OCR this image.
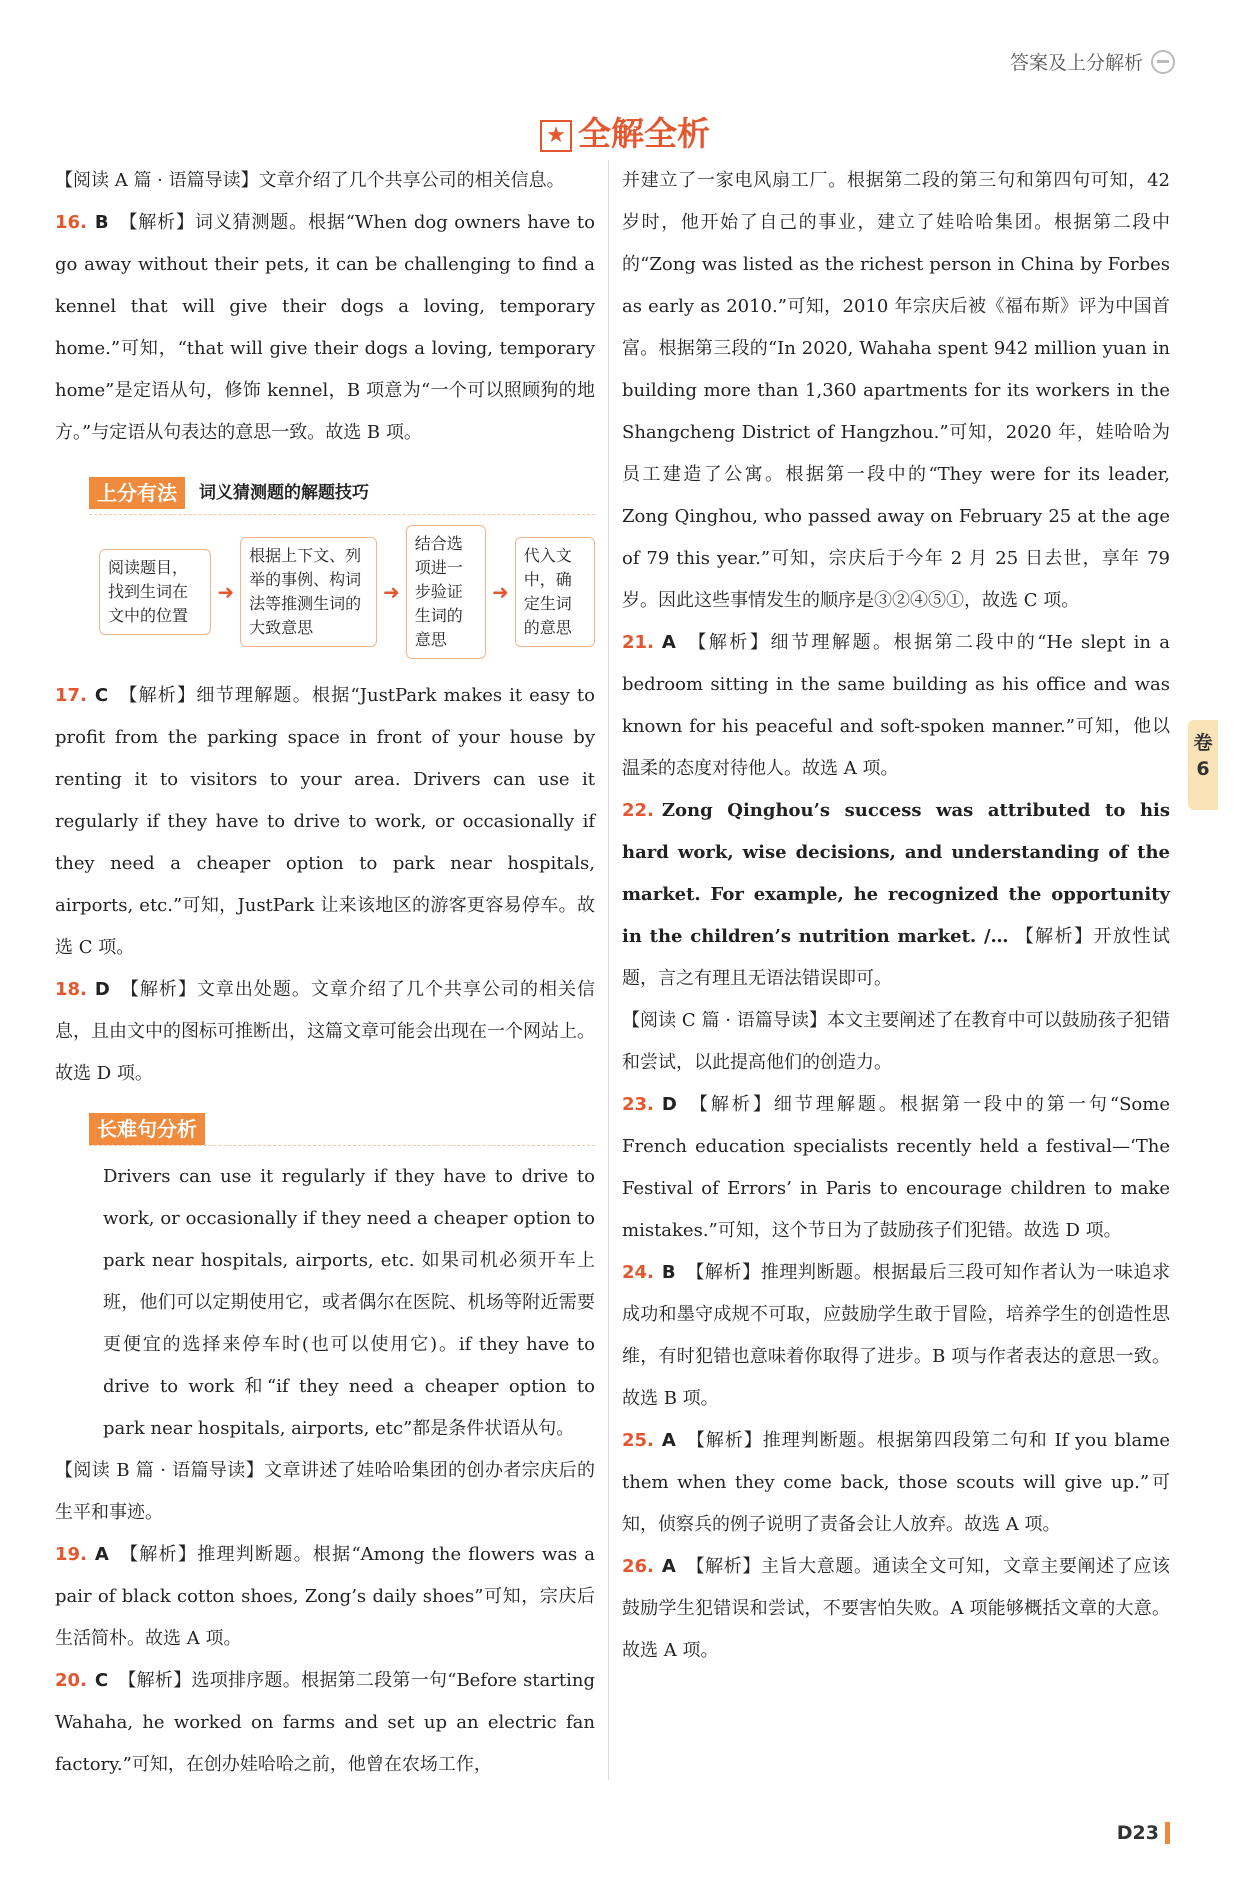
答案及上分解析
★ 全解全析

【阅读 A 篇 · 语篇导读】文章介绍了几个共享公司的相关信息。

16. B 【解析】词义猜测题。根据“When dog owners have to go away without their pets, it can be challenging to find a kennel that will give their dogs a loving, temporary home.”可知，“that will give their dogs a loving, temporary home”是定语从句，修饰 kennel，B 项意为“一个可以照顾狗的地方。”与定语从句表达的意思一致。故选 B 项。

上分有法	词义猜测题的解题技巧
阅读题目，找到生词在文中的位置
➜
根据上下文、列举的事例、构词法等推测生词的大致意思
➜
结合选项进一步验证生词的意思
➜
代入文中，确定生词的意思

17. C 【解析】细节理解题。根据“JustPark makes it easy to profit from the parking space in front of your house by renting it to visitors to your area. Drivers can use it regularly if they have to drive to work, or occasionally if they need a cheaper option to park near hospitals, airports, etc.”可知，JustPark 让来该地区的游客更容易停车。故选 C 项。

18. D 【解析】文章出处题。文章介绍了几个共享公司的相关信息，且由文中的图标可推断出，这篇文章可能会出现在一个网站上。故选 D 项。

长难句分析

Drivers can use it regularly if they have to drive to work, or occasionally if they need a cheaper option to park near hospitals, airports, etc. 如果司机必须开车上班，他们可以定期使用它，或者偶尔在医院、机场等附近需要更便宜的选择来停车时(也可以使用它)。if they have to drive to work 和“if they need a cheaper option to park near hospitals, airports, etc”都是条件状语从句。

【阅读 B 篇 · 语篇导读】文章讲述了娃哈哈集团的创办者宗庆后的生平和事迹。

19. A 【解析】推理判断题。根据“Among the flowers was a pair of black cotton shoes, Zong’s daily shoes”可知，宗庆后生活简朴。故选 A 项。

20. C 【解析】选项排序题。根据第二段第一句“Before starting Wahaha, he worked on farms and set up an electric fan factory.”可知，在创办娃哈哈之前，他曾在农场工作，

并建立了一家电风扇工厂。根据第二段的第三句和第四句可知，42 岁时，他开始了自己的事业，建立了娃哈哈集团。根据第二段中的“Zong was listed as the richest person in China by Forbes as early as 2010.”可知，2010 年宗庆后被《福布斯》评为中国首富。根据第三段的“In 2020, Wahaha spent 942 million yuan in building more than 1,360 apartments for its workers in the Shangcheng District of Hangzhou.”可知，2020 年，娃哈哈为员工建造了公寓。根据第一段中的“They were for its leader, Zong Qinghou, who passed away on February 25 at the age of 79 this year.”可知，宗庆后于今年 2 月 25 日去世，享年 79 岁。因此这些事情发生的顺序是③②④⑤①，故选 C 项。

21. A 【解析】细节理解题。根据第二段中的“He slept in a bedroom sitting in the same building as his office and was known for his peaceful and soft-spoken manner.”可知，他以温柔的态度对待他人。故选 A 项。

22. Zong Qinghou’s success was attributed to his hard work, wise decisions, and understanding of the market. For example, he recognized the opportunity in the children’s nutrition market. /… 【解析】开放性试题，言之有理且无语法错误即可。

【阅读 C 篇 · 语篇导读】本文主要阐述了在教育中可以鼓励孩子犯错和尝试，以此提高他们的创造力。

23. D 【解析】细节理解题。根据第一段中的第一句“Some French education specialists recently held a festival—‘The Festival of Errors’ in Paris to encourage children to make mistakes.”可知，这个节日为了鼓励孩子们犯错。故选 D 项。

24. B 【解析】推理判断题。根据最后三段可知作者认为一味追求成功和墨守成规不可取，应鼓励学生敢于冒险，培养学生的创造性思维，有时犯错也意味着你取得了进步。B 项与作者表达的意思一致。故选 B 项。

25. A 【解析】推理判断题。根据第四段第二句和 If you blame them when they come back, those scouts will give up.”可知，侦察兵的例子说明了责备会让人放弃。故选 A 项。

26. A 【解析】主旨大意题。通读全文可知，文章主要阐述了应该鼓励学生犯错误和尝试，不要害怕失败。A 项能够概括文章的大意。故选 A 项。

卷
6
D23
